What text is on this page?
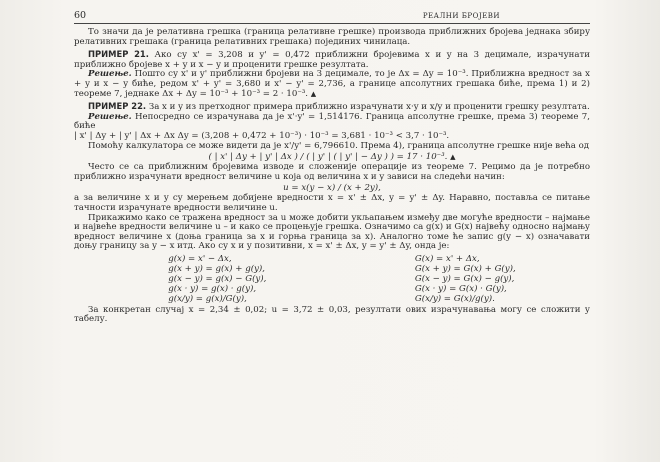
60	РЕАЛНИ БРОЈЕВИ

То значи да је релативна грешка (граница релативне грешке) производа приближних бројева једнака збиру релативних грешака (граница релативних грешака) појединих чинилаца.

ПРИМЕР 21. Ако су x' = 3,208 и y' = 0,472 приближни бројевима x и y на 3 децимале, израчунати приближно бројеве x + y и x − y и проценити грешке резултата.

Решење. Пошто су x' и y' приближни бројеви на 3 децимале, то је Δx = Δy = 10⁻³. Приближна вредност за x + y и x − y биће, редом x' + y' = 3,680 и x' − y' = 2,736, а границе апсолутних грешака биће, према 1) и 2) теореме 7, једнаке Δx + Δy = 10⁻³ + 10⁻³ = 2 · 10⁻³. ▲

ПРИМЕР 22. За x и y из претходног примера приближно израчунати x·y и x/y и проценити грешку резултата.

Решење. Непосредно се израчунава да је x'·y' = 1,514176. Граница апсолутне грешке, према 3) теореме 7, биће

| x' | Δy + | y' | Δx + Δx Δy = (3,208 + 0,472 + 10⁻³) · 10⁻³ = 3,681 · 10⁻³ < 3,7 · 10⁻³.

Помоћу калкулатора се може видети да је x'/y' = 6,796610. Према 4), граница апсолутне грешке није већа од

( | x' | Δy + | y' | Δx ) / ( | y' | ( | y' | − Δy ) ) = 17 · 10⁻³. ▲

Често се са приближним бројевима изводе и сложеније операције из теореме 7. Рецимо да је потребно приближно израчунати вредност величине u која од величина x и y зависи на следећи начин:

u = x(y − x) / (x + 2y),

а за величине x и y су мерењем добијене вредности x = x' ± Δx, y = y' ± Δy. Наравно, поставља се питање тачности израчунате вредности величине u.

Прикажимо како се тражена вредност за u може добити укљапањем између две могуће вредности – најмање и највеће вредности величине u – и како се процењује грешка. Означимо са g(x) и G(x) највећу односно најмању вредност величине x (доња граница за x и горња граница за x). Аналогно томе ће запис g(y − x) означавати доњу границу за y − x итд. Ако су x и y позитивни, x = x' ± Δx, y = y' ± Δy, онда је:

g(x) = x' − Δx,
g(x + y) = g(x) + g(y),
g(x − y) = g(x) − G(y),
g(x · y) = g(x) · g(y),
g(x/y) = g(x)/G(y),
G(x) = x' + Δx,
G(x + y) = G(x) + G(y),
G(x − y) = G(x) − g(y),
G(x · y) = G(x) · G(y),
G(x/y) = G(x)/g(y).

За конкретан случај x = 2,34 ± 0,02; u = 3,72 ± 0,03, резултати ових израчунавања могу се сложити у табелу.
